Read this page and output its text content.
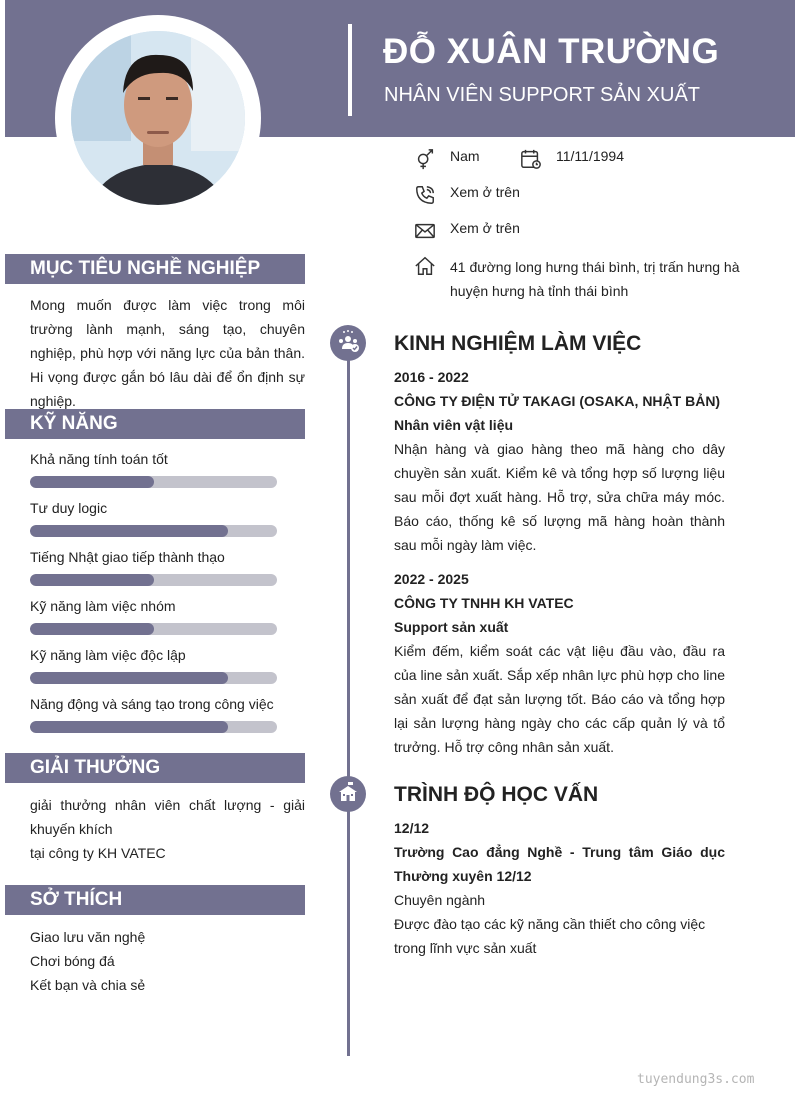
ĐỖ XUÂN TRƯỜNG
NHÂN VIÊN SUPPORT SẢN XUẤT
Nam	11/11/1994
Xem ở trên
Xem ở trên
41 đường long hưng thái bình, trị trấn hưng hà huyện hưng hà tỉnh thái bình
MỤC TIÊU NGHỀ NGHIỆP
Mong muốn được làm việc trong môi trường lành mạnh, sáng tạo, chuyên nghiệp, phù hợp với năng lực của bản thân. Hi vọng được gắn bó lâu dài để ổn định sự nghiệp.
KỸ NĂNG
Khả năng tính toán tốt
Tư duy logic
Tiếng Nhật giao tiếp thành thạo
Kỹ năng làm việc nhóm
Kỹ năng làm việc độc lập
Năng động và sáng tạo trong công việc
GIẢI THƯỞNG
giải thưởng nhân viên chất lượng - giải khuyến khích
tại công ty KH VATEC
SỞ THÍCH
Giao lưu văn nghệ
Chơi bóng đá
Kết bạn và chia sẻ
KINH NGHIỆM LÀM VIỆC
2016 - 2022
CÔNG TY ĐIỆN TỬ TAKAGI (OSAKA, NHẬT BẢN)
Nhân viên vật liệu
Nhận hàng và giao hàng theo mã hàng cho dây chuyền sản xuất. Kiểm kê và tổng hợp số lượng liệu sau mỗi đợt xuất hàng. Hỗ trợ, sửa chữa máy móc. Báo cáo, thống kê số lượng mã hàng hoàn thành sau mỗi ngày làm việc.
2022 - 2025
CÔNG TY TNHH KH VATEC
Support sản xuất
Kiểm đếm, kiểm soát các vật liệu đầu vào, đầu ra của line sản xuất. Sắp xếp nhân lực phù hợp cho line sản xuất để đạt sản lượng tốt. Báo cáo và tổng hợp lại sản lượng hàng ngày cho các cấp quản lý và tổ trưởng. Hỗ trợ công nhân sản xuất.
TRÌNH ĐỘ HỌC VẤN
12/12
Trường Cao đẳng Nghề - Trung tâm Giáo dục Thường xuyên 12/12
Chuyên ngành
Được đào tạo các kỹ năng cần thiết cho công việc trong lĩnh vực sản xuất
tuyendung3s.com
